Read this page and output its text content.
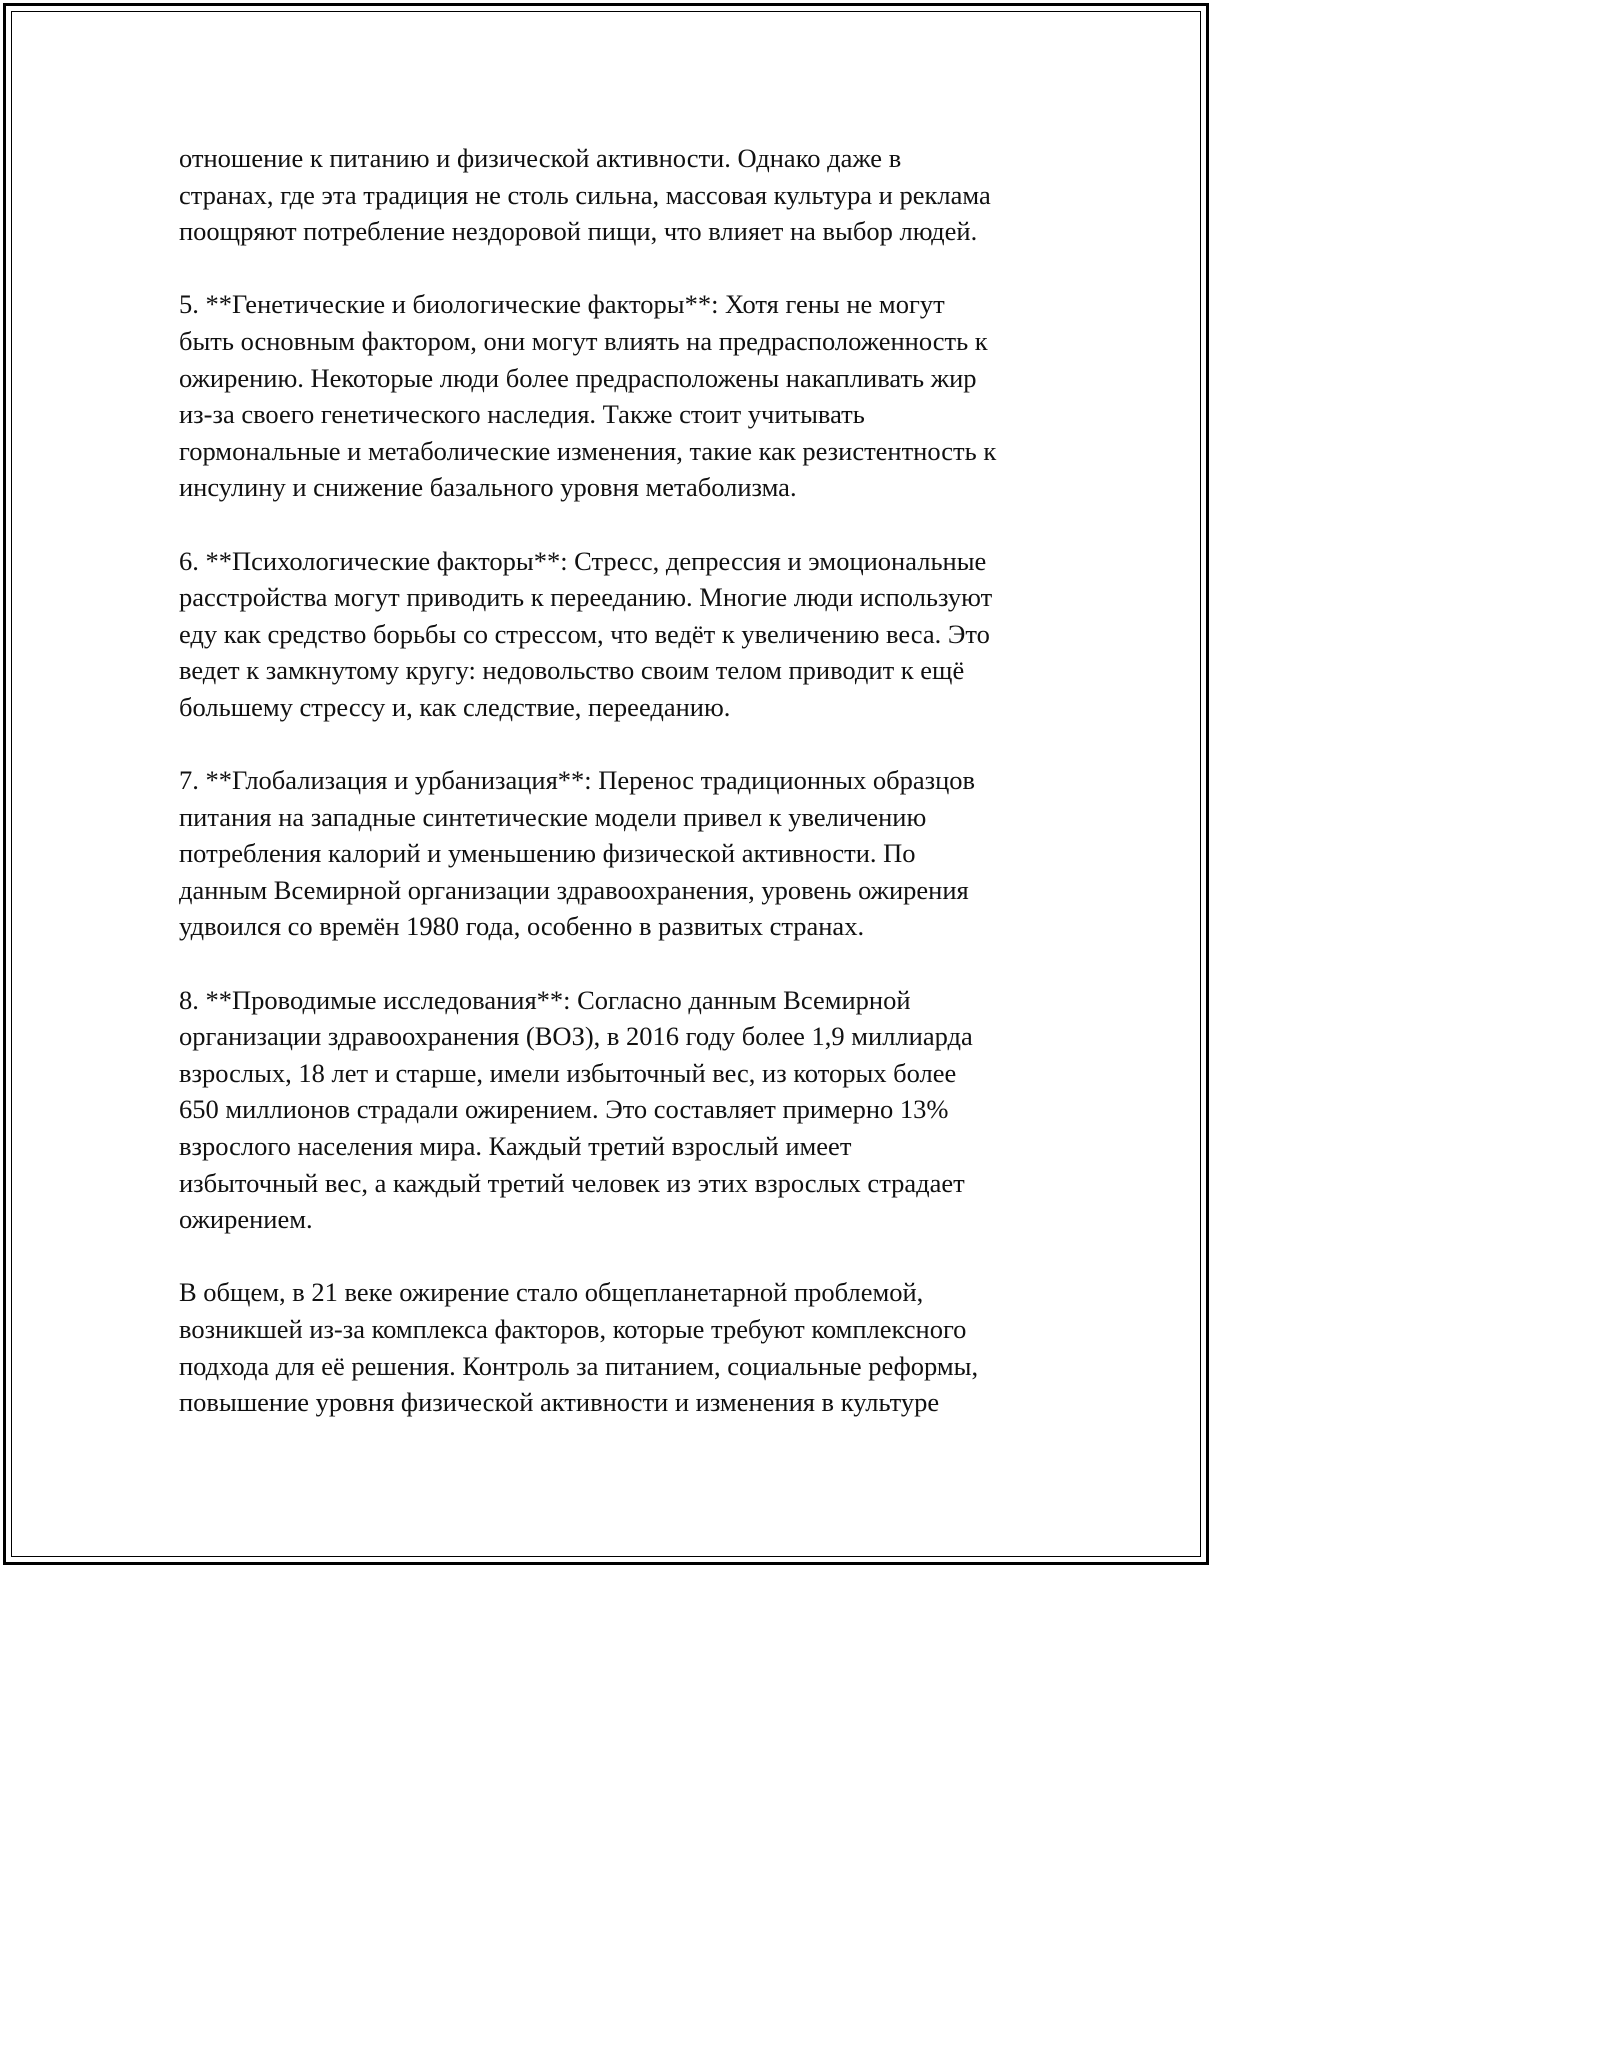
отношение к питанию и физической активности. Однако даже в
странах, где эта традиция не столь сильна, массовая культура и реклама
поощряют потребление нездоровой пищи, что влияет на выбор людей.
5. **Генетические и биологические факторы**: Хотя гены не могут
быть основным фактором, они могут влиять на предрасположенность к
ожирению. Некоторые люди более предрасположены накапливать жир
из-за своего генетического наследия. Также стоит учитывать
гормональные и метаболические изменения, такие как резистентность к
инсулину и снижение базального уровня метаболизма.
6. **Психологические факторы**: Стресс, депрессия и эмоциональные
расстройства могут приводить к перееданию. Многие люди используют
еду как средство борьбы со стрессом, что ведёт к увеличению веса. Это
ведет к замкнутому кругу: недовольство своим телом приводит к ещё
большему стрессу и, как следствие, перееданию.
7. **Глобализация и урбанизация**: Перенос традиционных образцов
питания на западные синтетические модели привел к увеличению
потребления калорий и уменьшению физической активности. По
данным Всемирной организации здравоохранения, уровень ожирения
удвоился со времён 1980 года, особенно в развитых странах.
8. **Проводимые исследования**: Согласно данным Всемирной
организации здравоохранения (ВОЗ), в 2016 году более 1,9 миллиарда
взрослых, 18 лет и старше, имели избыточный вес, из которых более
650 миллионов страдали ожирением. Это составляет примерно 13%
взрослого населения мира. Каждый третий взрослый имеет
избыточный вес, а каждый третий человек из этих взрослых страдает
ожирением.
В общем, в 21 веке ожирение стало общепланетарной проблемой,
возникшей из-за комплекса факторов, которые требуют комплексного
подхода для её решения. Контроль за питанием, социальные реформы,
повышение уровня физической активности и изменения в культуре
